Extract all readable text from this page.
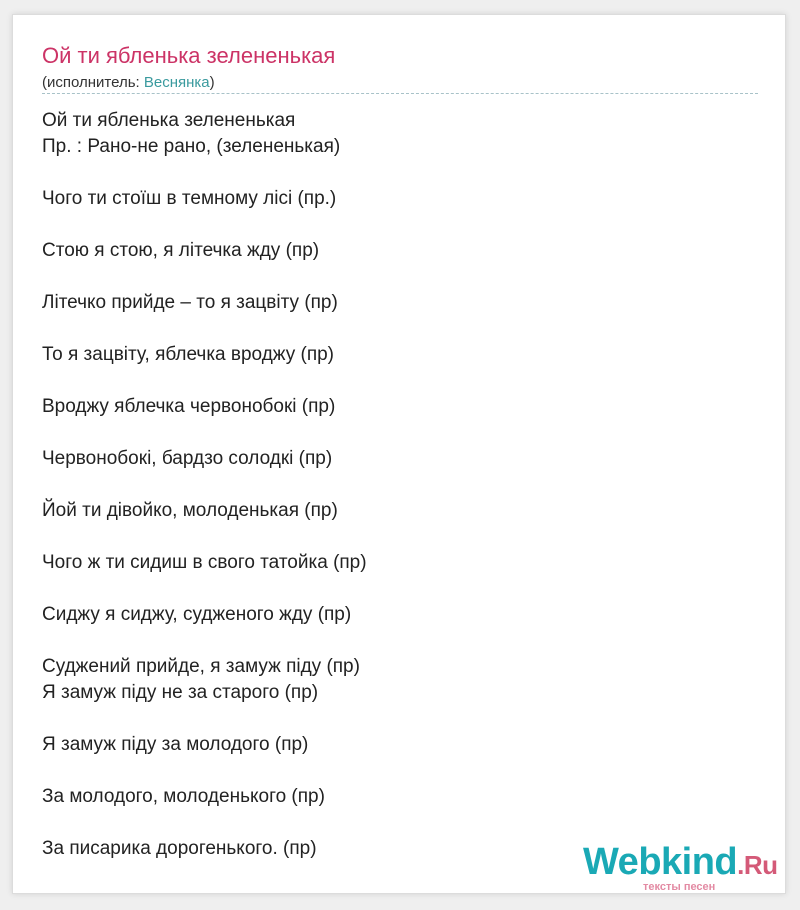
Ой ти ябленька зелененькая
(исполнитель: Веснянка)
Ой ти ябленька зелененькая
Пр. : Рано-не рано, (зелененькая)
Чого ти стоїш в темному лісі (пр.)
Стою я стою, я літечка жду (пр)
Літечко прийде – то я зацвіту (пр)
То я зацвіту, яблечка вроджу (пр)
Вроджу яблечка червонобокі (пр)
Червонобокі, бардзо солодкі (пр)
Йой ти дівойко, молоденькая (пр)
Чого ж ти сидиш в свого татойка (пр)
Сиджу я сиджу, судженого жду (пр)
Суджений прийде, я замуж піду (пр)
Я замуж піду не за старого (пр)
Я замуж піду за молодого (пр)
За молодого, молоденького (пр)
За писарика дорогенького. (пр)	Webkind.Ru
тексты песен
